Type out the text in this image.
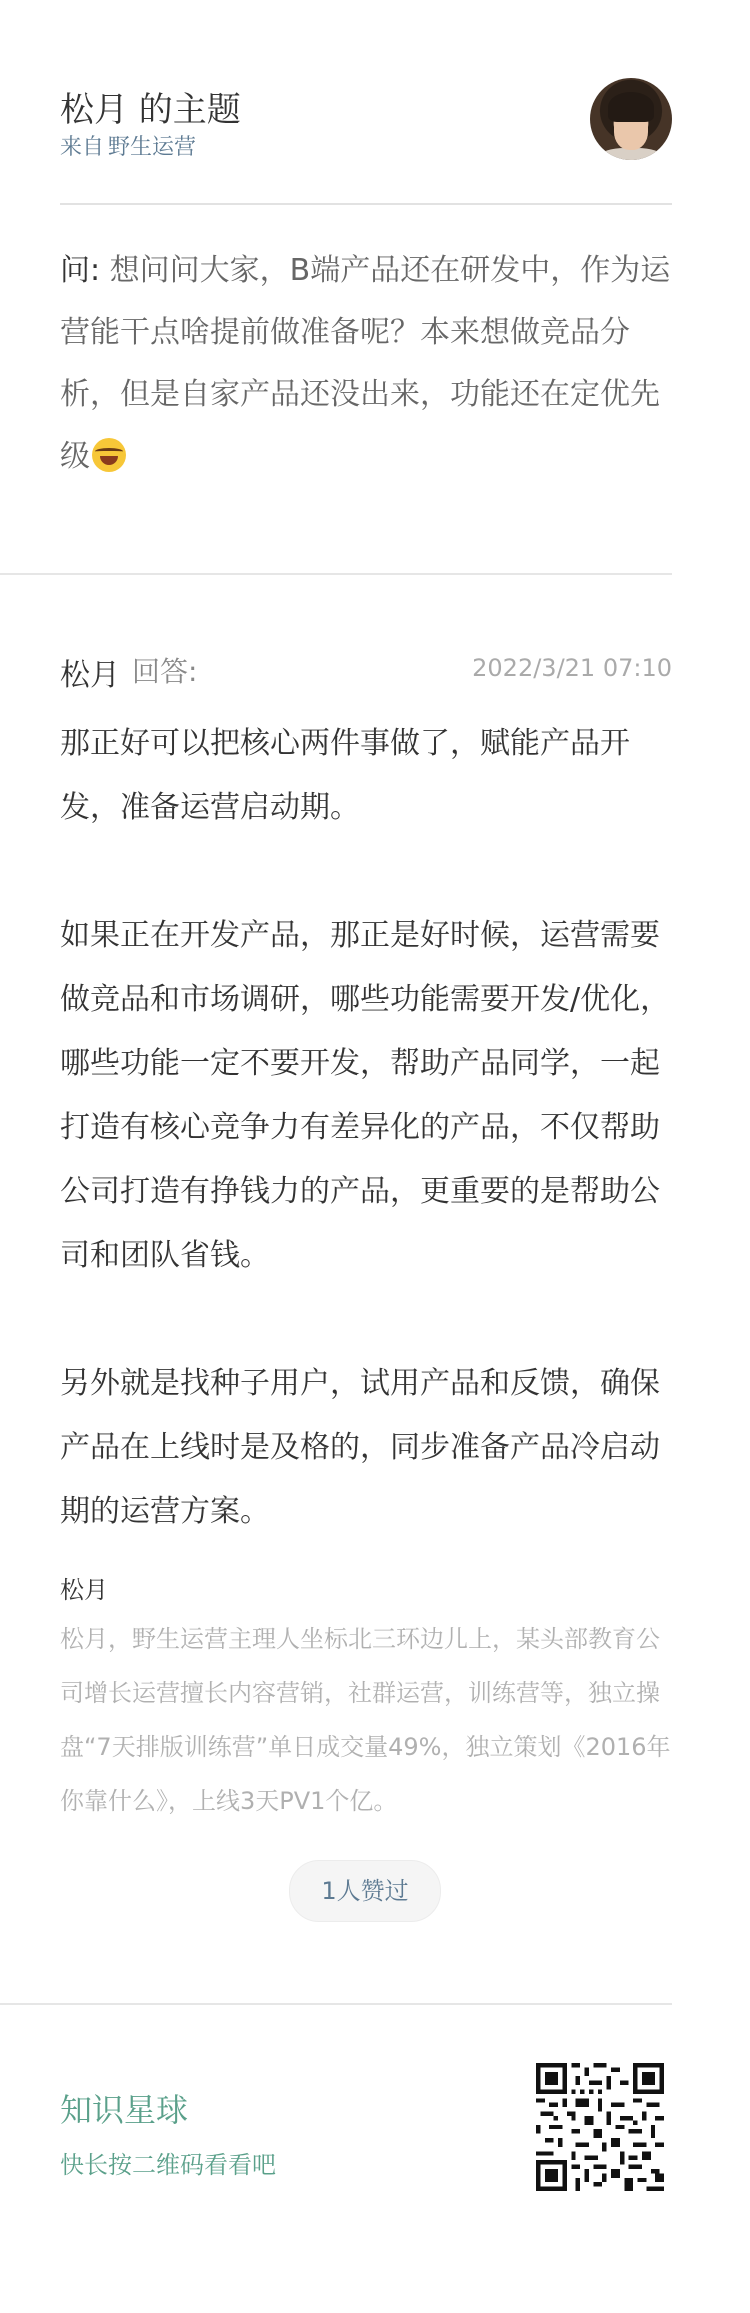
松月 的主题
来自 野生运营
问: 想问问大家，B端产品还在研发中，作为运营能干点啥提前做准备呢？本来想做竞品分析，但是自家产品还没出来，功能还在定优先级
松月 回答:	2022/3/21 07:10

那正好可以把核心两件事做了，赋能产品开发，准备运营启动期。

如果正在开发产品，那正是好时候，运营需要做竞品和市场调研，哪些功能需要开发/优化，哪些功能一定不要开发，帮助产品同学，一起打造有核心竞争力有差异化的产品，不仅帮助公司打造有挣钱力的产品，更重要的是帮助公司和团队省钱。

另外就是找种子用户，试用产品和反馈，确保产品在上线时是及格的，同步准备产品冷启动期的运营方案。

松月
松月，野生运营主理人坐标北三环边儿上，某头部教育公司增长运营擅长内容营销，社群运营，训练营等，独立操盘“7天排版训练营”单日成交量49%，独立策划《2016年你靠什么》，上线3天PV1个亿。
1人赞过
知识星球
快长按二维码看看吧
